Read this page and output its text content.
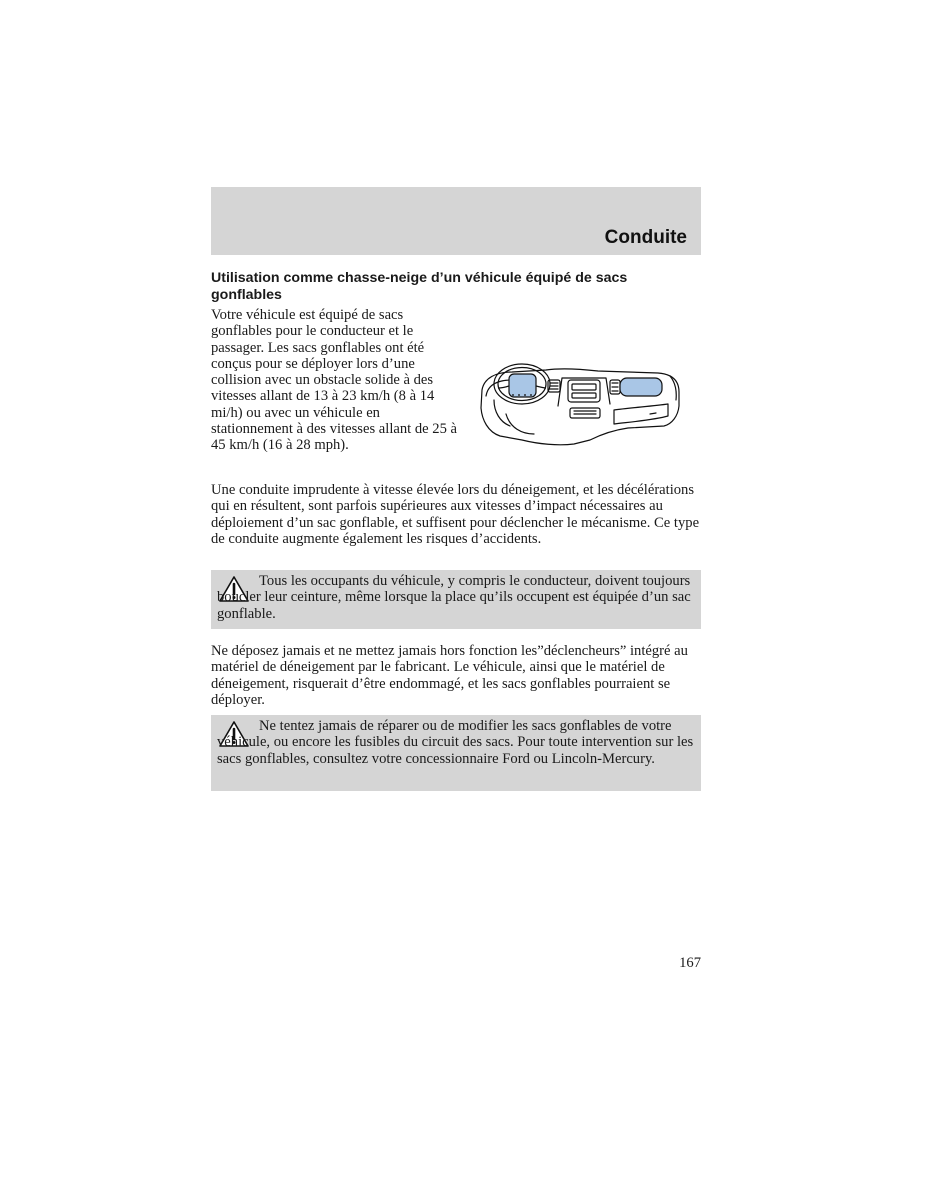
Conduite
Utilisation comme chasse-neige d’un véhicule équipé de sacs gonflables

Votre véhicule est équipé de sacs gonflables pour le conducteur et le passager. Les sacs gonflables ont été conçus pour se déployer lors d’une collision avec un obstacle solide à des vitesses allant de 13 à 23 km/h (8 à 14 mi/h) ou avec un véhicule en stationnement à des vitesses allant de 25 à 45 km/h (16 à 28 mph).

Une conduite imprudente à vitesse élevée lors du déneigement, et les décélérations qui en résultent, sont parfois supérieures aux vitesses d’impact nécessaires au déploiement d’un sac gonflable, et suffisent pour déclencher le mécanisme. Ce type de conduite augmente également les risques d’accidents.

Tous les occupants du véhicule, y compris le conducteur, doivent toujours boucler leur ceinture, même lorsque la place qu’ils occupent est équipée d’un sac gonflable.

Ne déposez jamais et ne mettez jamais hors fonction les”déclencheurs” intégré au matériel de déneigement par le fabricant. Le véhicule, ainsi que le matériel de déneigement, risquerait d’être endommagé, et les sacs gonflables pourraient se déployer.

Ne tentez jamais de réparer ou de modifier les sacs gonflables de votre véhicule, ou encore les fusibles du circuit des sacs. Pour toute intervention sur les sacs gonflables, consultez votre concessionnaire Ford ou Lincoln-Mercury.

167
